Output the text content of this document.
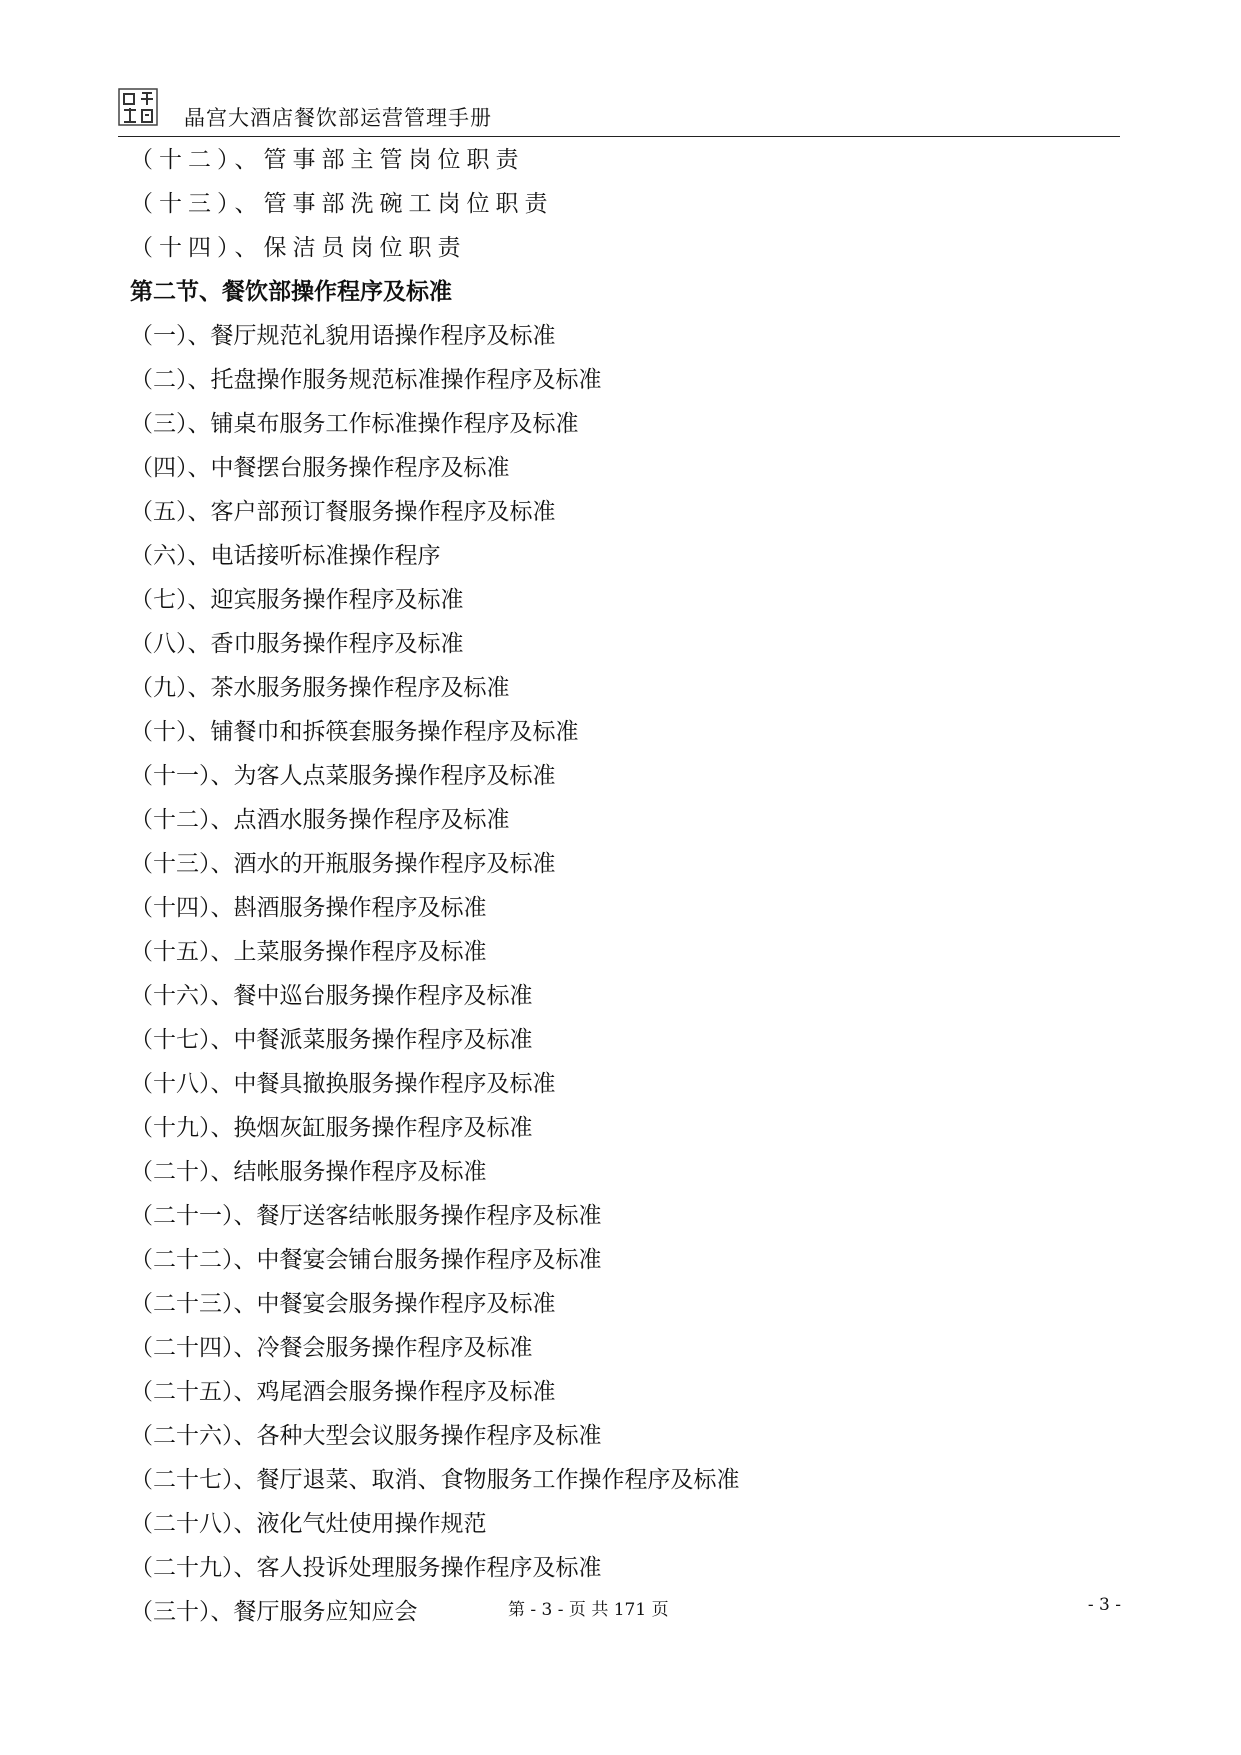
晶宫大酒店餐饮部运营管理手册
（十二）、管事部主管岗位职责
（十三）、管事部洗碗工岗位职责
（十四）、保洁员岗位职责
第二节、餐饮部操作程序及标准
（一）、餐厅规范礼貌用语操作程序及标准
（二）、托盘操作服务规范标准操作程序及标准
（三）、铺桌布服务工作标准操作程序及标准
（四）、中餐摆台服务操作程序及标准
（五）、客户部预订餐服务操作程序及标准
（六）、电话接听标准操作程序
（七）、迎宾服务操作程序及标准
（八）、香巾服务操作程序及标准
（九）、茶水服务服务操作程序及标准
（十）、铺餐巾和拆筷套服务操作程序及标准
（十一）、为客人点菜服务操作程序及标准
（十二）、点酒水服务操作程序及标准
（十三）、酒水的开瓶服务操作程序及标准
（十四）、斟酒服务操作程序及标准
（十五）、上菜服务操作程序及标准
（十六）、餐中巡台服务操作程序及标准
（十七）、中餐派菜服务操作程序及标准
（十八）、中餐具撤换服务操作程序及标准
（十九）、换烟灰缸服务操作程序及标准
（二十）、结帐服务操作程序及标准
（二十一）、餐厅送客结帐服务操作程序及标准
（二十二）、中餐宴会铺台服务操作程序及标准
（二十三）、中餐宴会服务操作程序及标准
（二十四）、冷餐会服务操作程序及标准
（二十五）、鸡尾酒会服务操作程序及标准
（二十六）、各种大型会议服务操作程序及标准
（二十七）、餐厅退菜、取消、食物服务工作操作程序及标准
（二十八）、液化气灶使用操作规范
（二十九）、客人投诉处理服务操作程序及标准
（三十）、餐厅服务应知应会	第 - 3 - 页 共 171 页	- 3 -
